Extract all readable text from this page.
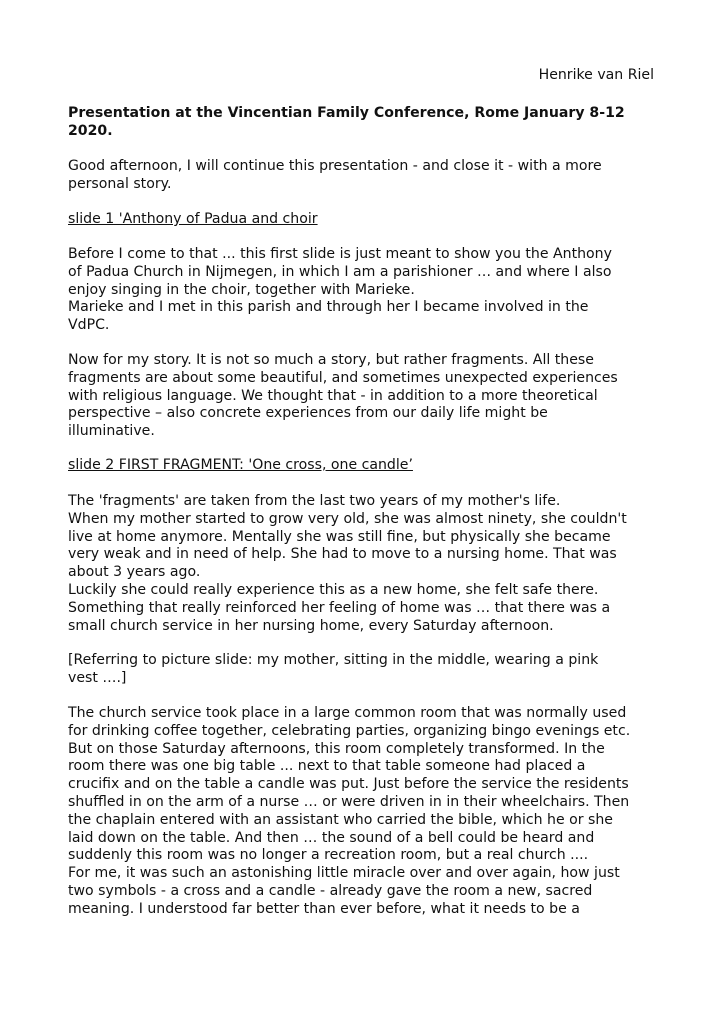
Henrike van Riel
Presentation at the Vincentian Family Conference, Rome January 8-12
2020.
Good afternoon, I will continue this presentation - and close it - with a more
personal story.
slide 1 'Anthony of Padua and choir
Before I come to that ... this first slide is just meant to show you the Anthony
of Padua Church in Nijmegen, in which I am a parishioner … and where I also
enjoy singing in the choir, together with Marieke.
Marieke and I met in this parish and through her I became involved in the
VdPC.
Now for my story. It is not so much a story, but rather fragments. All these
fragments are about some beautiful, and sometimes unexpected experiences
with religious language. We thought that - in addition to a more theoretical
perspective – also concrete experiences from our daily life might be
illuminative.
slide 2 FIRST FRAGMENT: 'One cross, one candle’
The 'fragments' are taken from the last two years of my mother's life.
When my mother started to grow very old, she was almost ninety, she couldn't
live at home anymore. Mentally she was still fine, but physically she became
very weak and in need of help. She had to move to a nursing home. That was
about 3 years ago.
Luckily she could really experience this as a new home, she felt safe there.
Something that really reinforced her feeling of home was … that there was a
small church service in her nursing home, every Saturday afternoon.
[Referring to picture slide: my mother, sitting in the middle, wearing a pink
vest ….]
The church service took place in a large common room that was normally used
for drinking coffee together, celebrating parties, organizing bingo evenings etc.
But on those Saturday afternoons, this room completely transformed. In the
room there was one big table ... next to that table someone had placed a
crucifix and on the table a candle was put. Just before the service the residents
shuffled in on the arm of a nurse … or were driven in in their wheelchairs. Then
the chaplain entered with an assistant who carried the bible, which he or she
laid down on the table. And then … the sound of a bell could be heard and
suddenly this room was no longer a recreation room, but a real church ....
For me, it was such an astonishing little miracle over and over again, how just
two symbols - a cross and a candle - already gave the room a new, sacred
meaning. I understood far better than ever before, what it needs to be a
